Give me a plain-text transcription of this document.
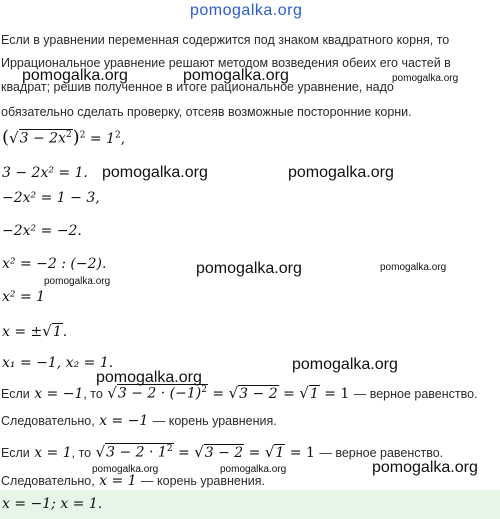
pomogalka.org
pomogalka.org	pomogalka.org	pomogalka.org
pomogalka.org	pomogalka.org
pomogalka.org	pomogalka.org
pomogalka.org
pomogalka.org
pomogalka.org
pomogalka.org	pomogalka.org	pomogalka.org
Если в уравнении переменная содержится под знаком квадратного корня, то
Иррациональное уравнение решают методом возведения обеих его частей в
квадрат; решив полученное в итоге рациональное уравнение, надо
обязательно сделать проверку, отсеяв возможные посторонние корни.
$(√3 - 2x^2)^2 = 1^2$,
3 − 2x² = 1.
−2x² = 1 − 3,
−2x² = −2.
x² = −2 : (−2).
x² = 1
x = ±√1.
x₁ = −1, x₂ = 1.
Если x = −1, то $√3 - 2 \cdot (-1)^2 = √3 - 2 = √1 = 1$ — верное равенство.
Следовательно, x = −1 — корень уравнения.
Если x = 1, то $√3 - 2 \cdot 1^2 = √3 - 2 = √1 = 1$ — верное равенство.
Следовательно, x = 1 — корень уравнения.
x = −1; x = 1.
